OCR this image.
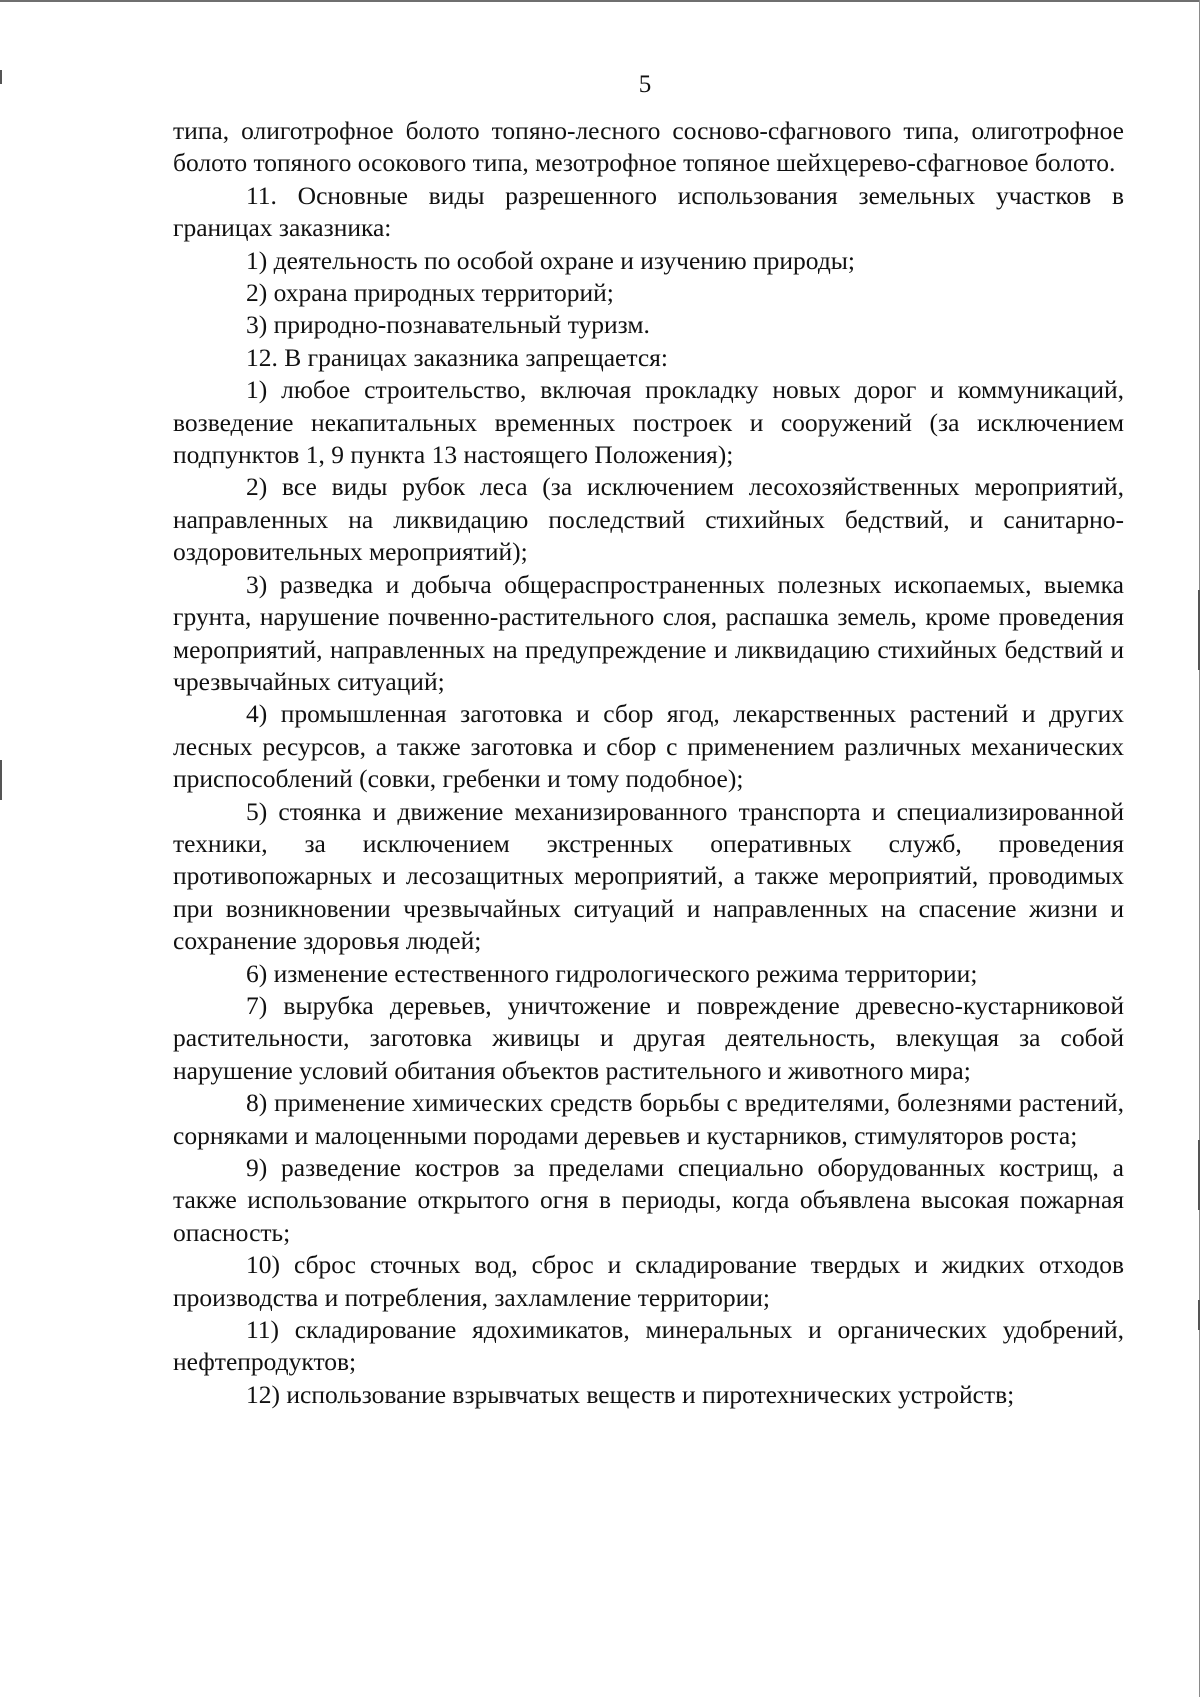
5

типа, олиготрофное болото топяно-лесного сосново-сфагнового типа, олиготрофное болото топяного осокового типа, мезотрофное топяное шейхцерево-сфагновое болото.

11. Основные виды разрешенного использования земельных участков в границах заказника:

1) деятельность по особой охране и изучению природы;

2) охрана природных территорий;

3) природно-познавательный туризм.

12. В границах заказника запрещается:

1) любое строительство, включая прокладку новых дорог и коммуникаций, возведение некапитальных временных построек и сооружений (за исключением подпунктов 1, 9 пункта 13 настоящего Положения);

2) все виды рубок леса (за исключением лесохозяйственных мероприятий, направленных на ликвидацию последствий стихийных бедствий, и санитарно-оздоровительных мероприятий);

3) разведка и добыча общераспространенных полезных ископаемых, выемка грунта, нарушение почвенно-растительного слоя, распашка земель, кроме проведения мероприятий, направленных на предупреждение и ликвидацию стихийных бедствий и чрезвычайных ситуаций;

4) промышленная заготовка и сбор ягод, лекарственных растений и других лесных ресурсов, а также заготовка и сбор с применением различных механических приспособлений (совки, гребенки и тому подобное);

5) стоянка и движение механизированного транспорта и специализированной техники, за исключением экстренных оперативных служб, проведения противопожарных и лесозащитных мероприятий, а также мероприятий, проводимых при возникновении чрезвычайных ситуаций и направленных на спасение жизни и сохранение здоровья людей;

6) изменение естественного гидрологического режима территории;

7) вырубка деревьев, уничтожение и повреждение древесно-кустарниковой растительности, заготовка живицы и другая деятельность, влекущая за собой нарушение условий обитания объектов растительного и животного мира;

8) применение химических средств борьбы с вредителями, болезнями растений, сорняками и малоценными породами деревьев и кустарников, стимуляторов роста;

9) разведение костров за пределами специально оборудованных кострищ, а также использование открытого огня в периоды, когда объявлена высокая пожарная опасность;

10) сброс сточных вод, сброс и складирование твердых и жидких отходов производства и потребления, захламление территории;

11) складирование ядохимикатов, минеральных и органических удобрений, нефтепродуктов;

12) использование взрывчатых веществ и пиротехнических устройств;
